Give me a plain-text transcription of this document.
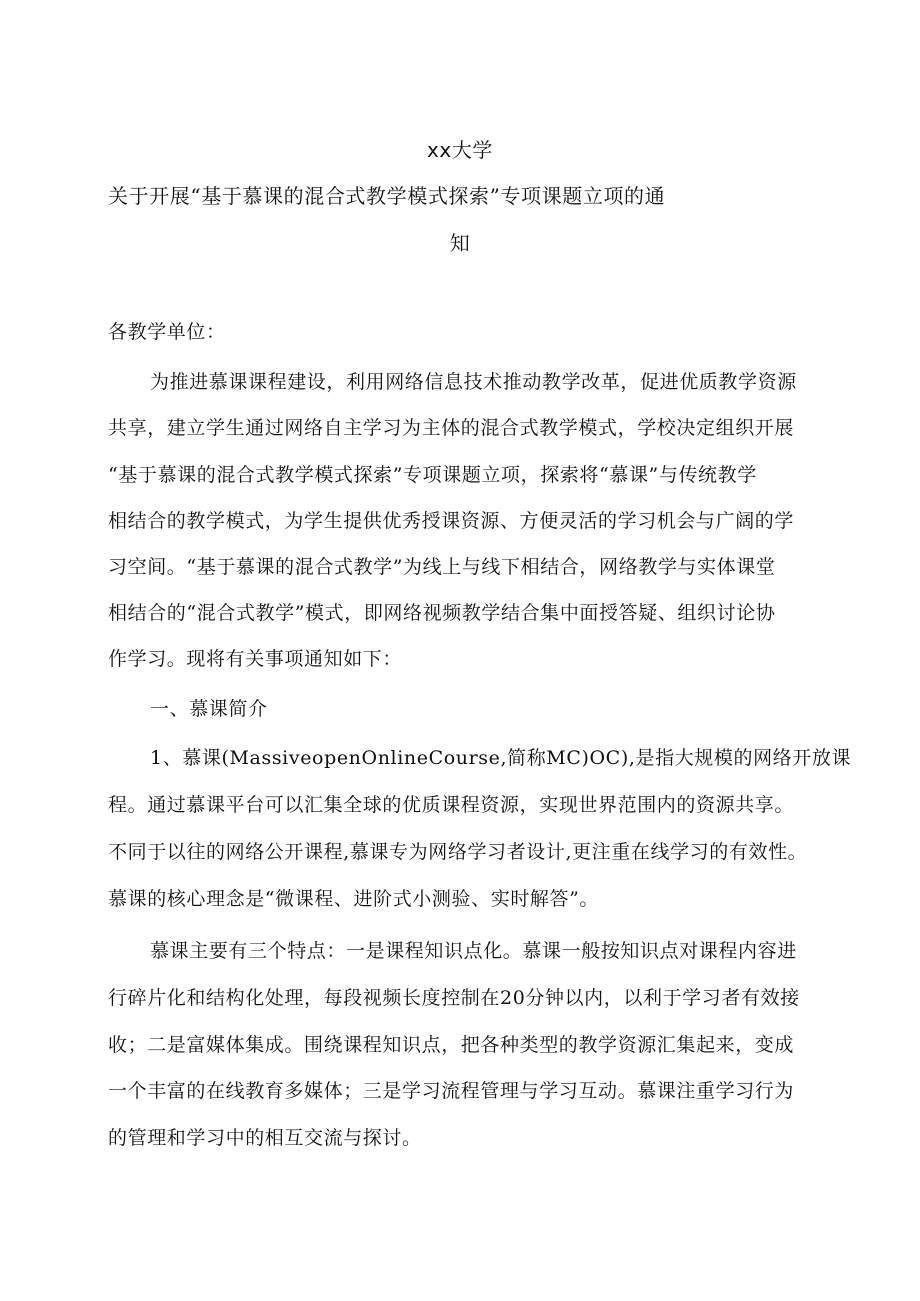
xx大学
关于开展“基于慕课的混合式教学模式探索”专项课题立项的通
知
各教学单位：
为推进慕课课程建设，利用网络信息技术推动教学改革，促进优质教学资源
共享，建立学生通过网络自主学习为主体的混合式教学模式，学校决定组织开展
“基于慕课的混合式教学模式探索”专项课题立项，探索将“慕课”与传统教学
相结合的教学模式，为学生提供优秀授课资源、方便灵活的学习机会与广阔的学
习空间。“基于慕课的混合式教学”为线上与线下相结合，网络教学与实体课堂
相结合的“混合式教学”模式，即网络视频教学结合集中面授答疑、组织讨论协
作学习。现将有关事项通知如下：
一、慕课简介
1、慕课(MassiveopenOnlineCourse,简称MC)OC),是指大规模的网络开放课
程。通过慕课平台可以汇集全球的优质课程资源，实现世界范围内的资源共享。
不同于以往的网络公开课程,慕课专为网络学习者设计,更注重在线学习的有效性。
慕课的核心理念是“微课程、进阶式小测验、实时解答”。
慕课主要有三个特点：一是课程知识点化。慕课一般按知识点对课程内容进
行碎片化和结构化处理，每段视频长度控制在20分钟以内，以利于学习者有效接
收；二是富媒体集成。围绕课程知识点，把各种类型的教学资源汇集起来，变成
一个丰富的在线教育多媒体；三是学习流程管理与学习互动。慕课注重学习行为
的管理和学习中的相互交流与探讨。
